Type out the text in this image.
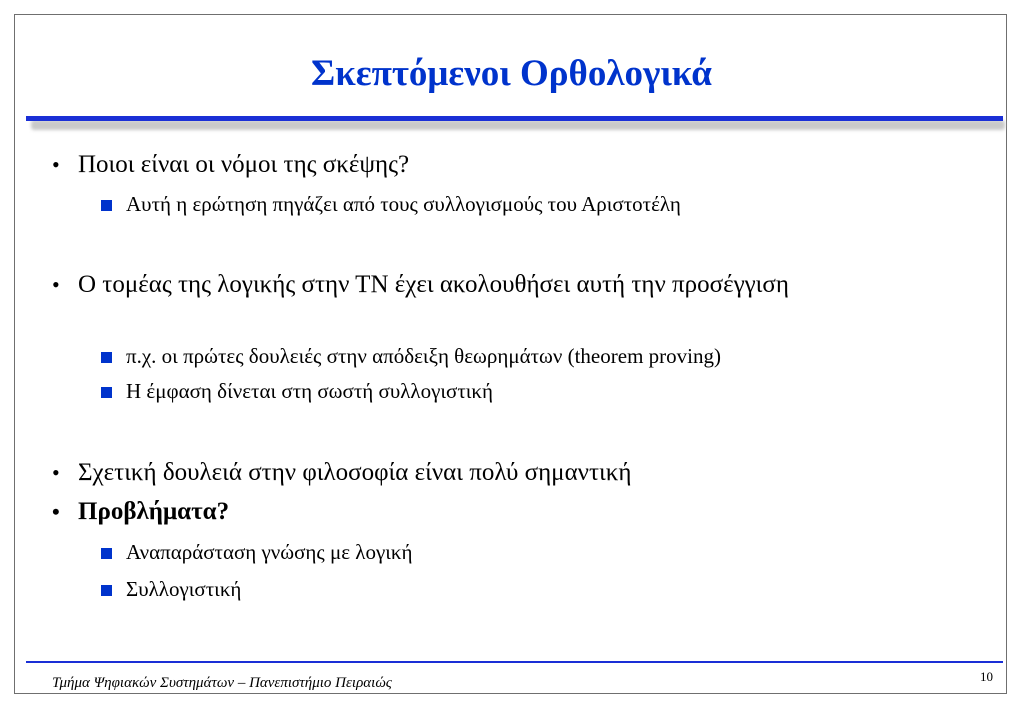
Σκεπτόμενοι Ορθολογικά
• Ποιοι είναι οι νόμοι της σκέψης?
Αυτή η ερώτηση πηγάζει από τους συλλογισμούς του Αριστοτέλη
• Ο τομέας της λογικής στην ΤΝ έχει ακολουθήσει αυτή την προσέγγιση
π.χ. οι πρώτες δουλειές στην απόδειξη θεωρημάτων (theorem proving)
Η έμφαση δίνεται στη σωστή συλλογιστική
• Σχετική δουλειά στην φιλοσοφία είναι πολύ σημαντική
• Προβλήματα?
Αναπαράσταση γνώσης με λογική
Συλλογιστική
Τμήμα Ψηφιακών Συστημάτων – Πανεπιστήμιο Πειραιώς	10
